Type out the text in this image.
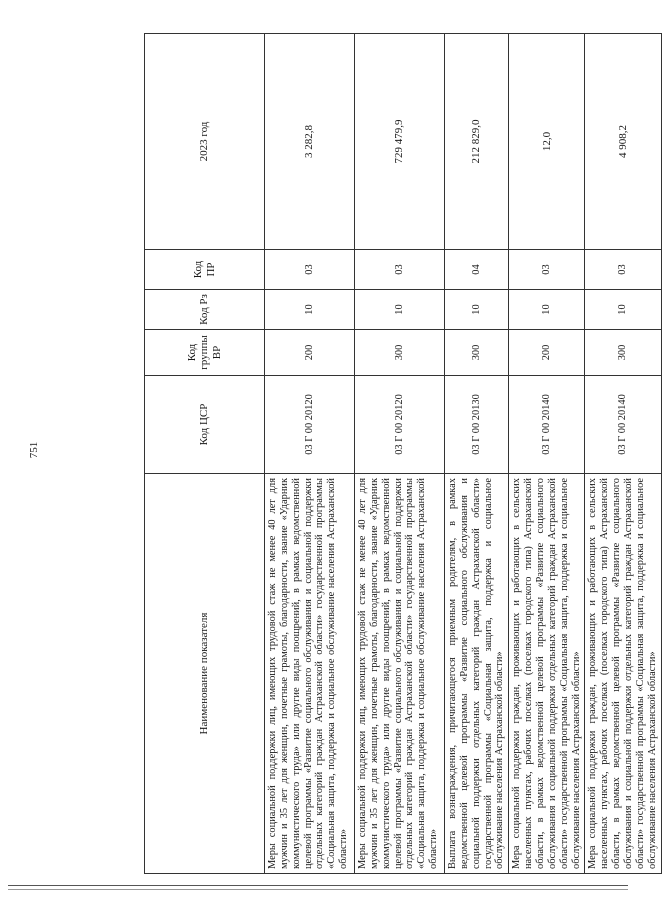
751
Наименование показателя	Код ЦСР	Код группы ВР	Код Рз	Код ПР	2023 год
Меры социальной поддержки лиц, имеющих трудовой стаж не менее 40 лет для мужчин и 35 лет для женщин, почетные грамоты, благодарности, звание «Ударник коммунистического труда» или другие виды поощрений, в рамках ведомственной целевой программы «Развитие социального обслуживания и социальной поддержки отдельных категорий граждан Астраханской области» государственной программы «Социальная защита, поддержка и социальное обслуживание населения Астраханской области»	03 Г 00 20120	200	10	03	3 282,8
Меры социальной поддержки лиц, имеющих трудовой стаж не менее 40 лет для мужчин и 35 лет для женщин, почетные грамоты, благодарности, звание «Ударник коммунистического труда» или другие виды поощрений, в рамках ведомственной целевой программы «Развитие социального обслуживания и социальной поддержки отдельных категорий граждан Астраханской области» государственной программы «Социальная защита, поддержка и социальное обслуживание населения Астраханской области»	03 Г 00 20120	300	10	03	729 479,9
Выплата вознаграждения, причитающегося приемным родителям, в рамках ведомственной целевой программы «Развитие социального обслуживания и социальной поддержки отдельных категорий граждан Астраханской области» государственной программы «Социальная защита, поддержка и социальное обслуживание населения Астраханской области»	03 Г 00 20130	300	10	04	212 829,0
Мера социальной поддержки граждан, проживающих и работающих в сельских населенных пунктах, рабочих поселках (поселках городского типа) Астраханской области, в рамках ведомственной целевой программы «Развитие социального обслуживания и социальной поддержки отдельных категорий граждан Астраханской области» государственной программы «Социальная защита, поддержка и социальное обслуживание населения Астраханской области»	03 Г 00 20140	200	10	03	12,0
Мера социальной поддержки граждан, проживающих и работающих в сельских населенных пунктах, рабочих поселках (поселках городского типа) Астраханской области, в рамках ведомственной целевой программы «Развитие социального обслуживания и социальной поддержки отдельных категорий граждан Астраханской области» государственной программы «Социальная защита, поддержка и социальное обслуживание населения Астраханской области»	03 Г 00 20140	300	10	03	4 908,2
